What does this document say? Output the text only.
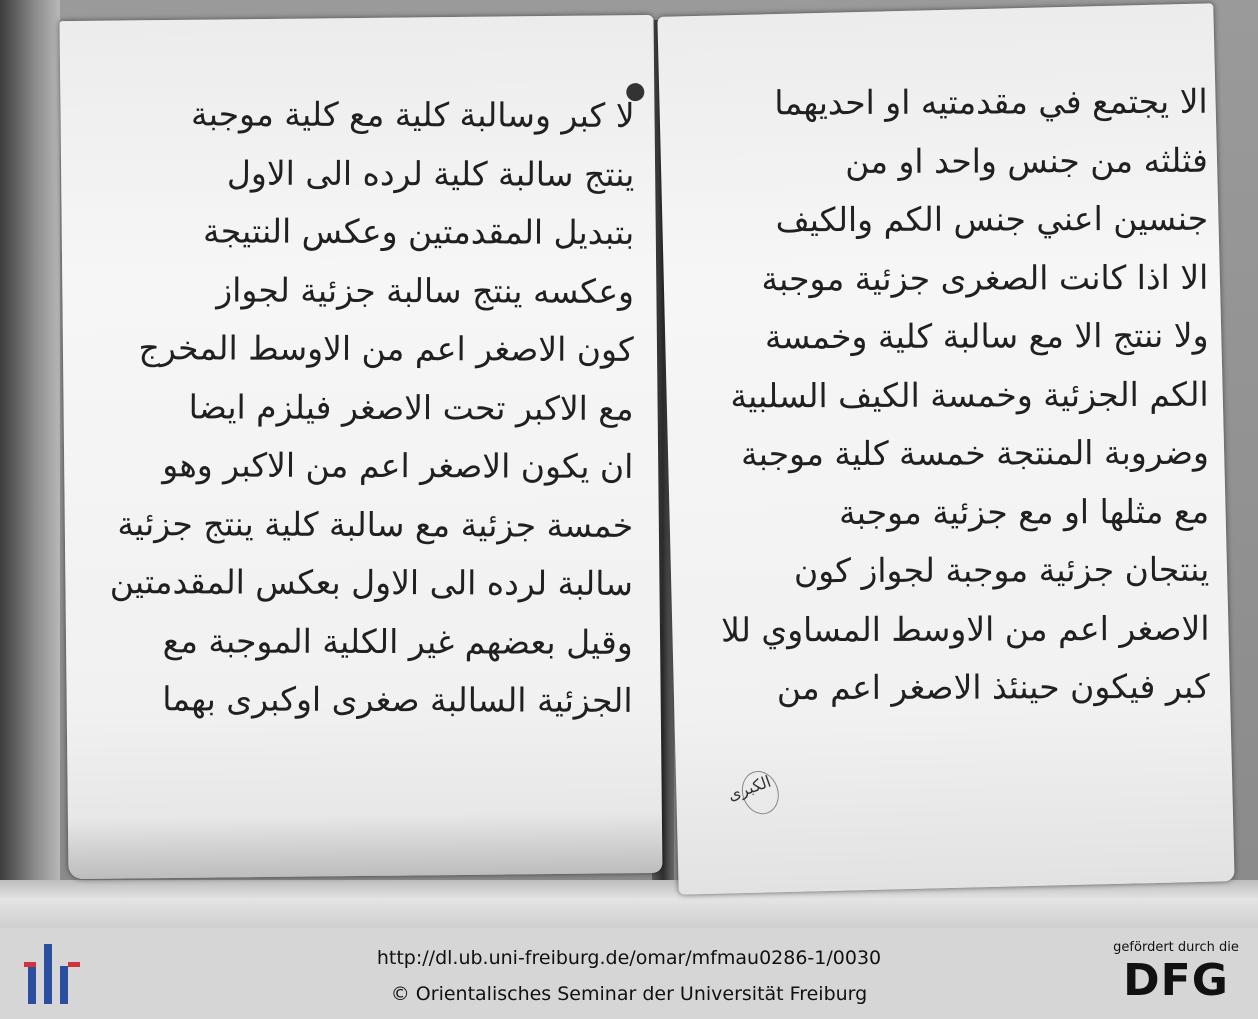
لا كبر وسالبة كلية مع كلية موجبة
ينتج سالبة كلية لرده الى الاول
بتبديل المقدمتين وعكس النتيجة
وعكسه ينتج سالبة جزئية لجواز
كون الاصغر اعم من الاوسط المخرج
مع الاكبر تحت الاصغر فيلزم ايضا
ان يكون الاصغر اعم من الاكبر وهو
خمسة جزئية مع سالبة كلية ينتج جزئية
سالبة لرده الى الاول بعكس المقدمتين
وقيل بعضهم غير الكلية الموجبة مع
الجزئية السالبة صغرى اوكبرى بهما
الا يجتمع في مقدمتيه او احديهما
فثلثه من جنس واحد او من
جنسين اعني جنس الكم والكيف
الا اذا كانت الصغرى جزئية موجبة
ولا ننتج الا مع سالبة كلية وخمسة
الكم الجزئية وخمسة الكيف السلبية
وضروبة المنتجة خمسة كلية موجبة
مع مثلها او مع جزئية موجبة
ينتجان جزئية موجبة لجواز كون
الاصغر اعم من الاوسط المساوي للا
كبر فيكون حينئذ الاصغر اعم من
الكبرى
http://dl.ub.uni-freiburg.de/omar/mfmau0286-1/0030
© Orientalisches Seminar der Universität Freiburg
gefördert durch die
DFG
